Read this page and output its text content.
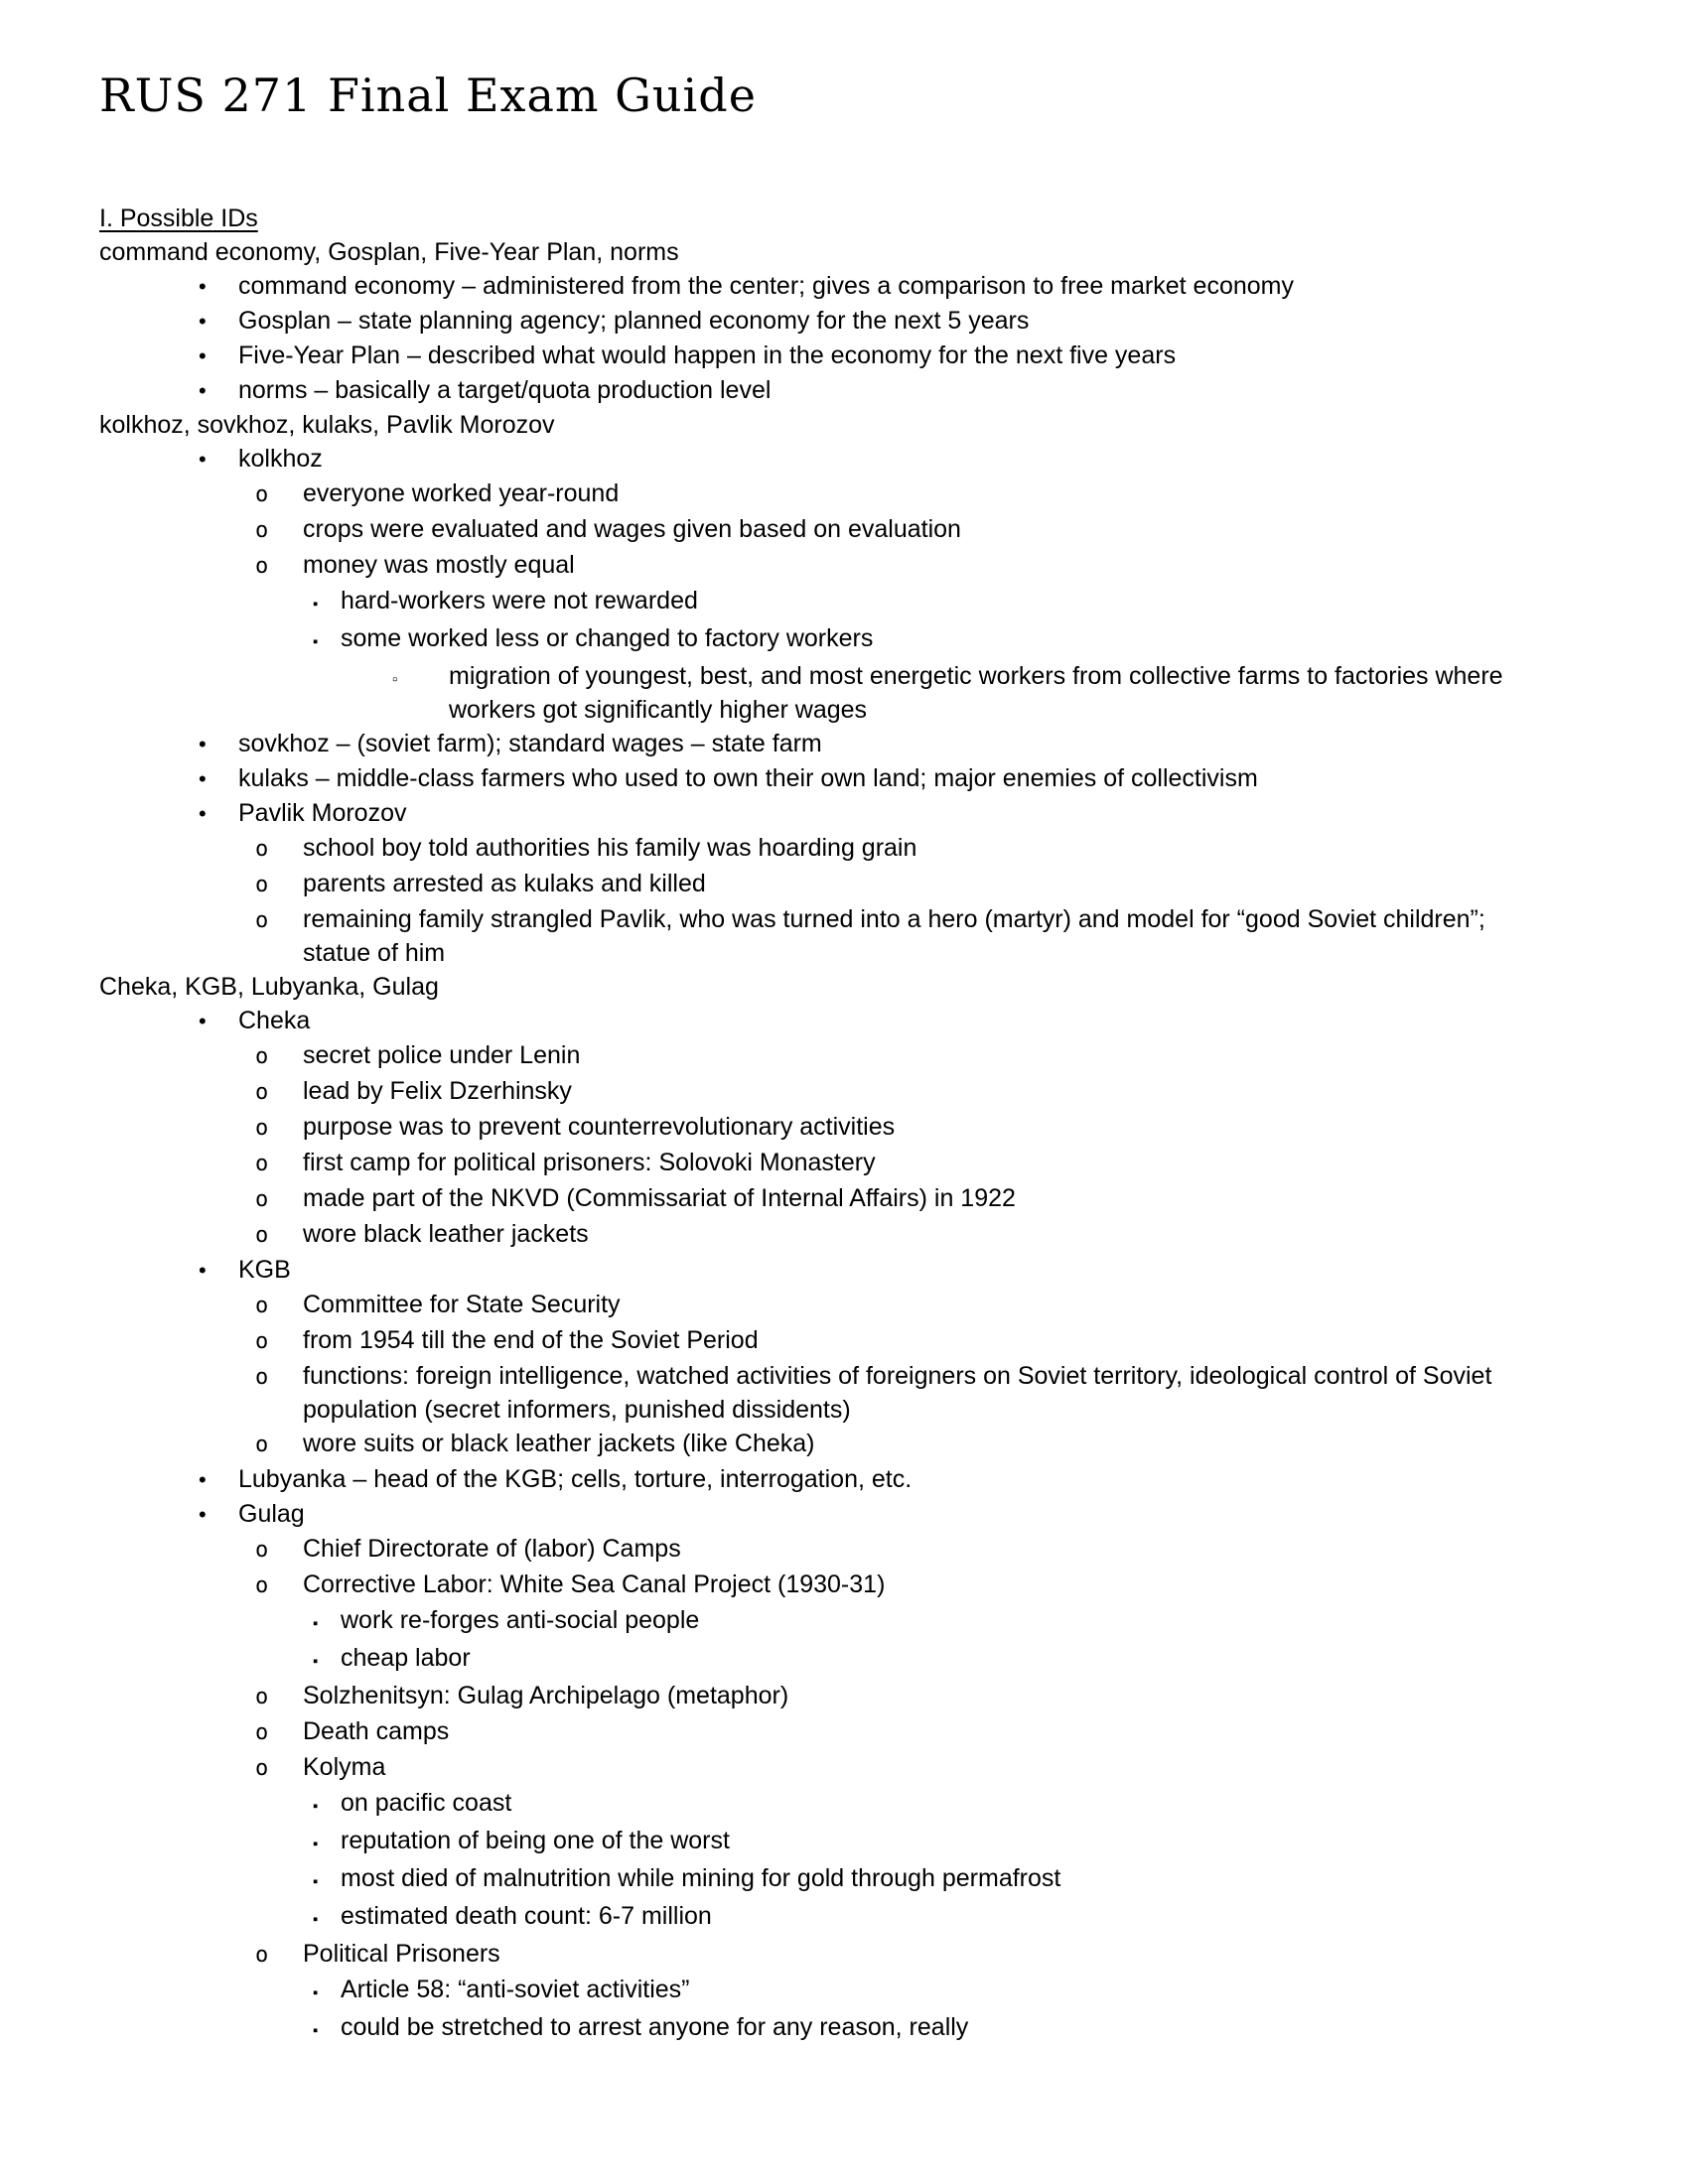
RUS 271 Final Exam Guide
I. Possible IDs
command economy, Gosplan, Five-Year Plan, norms
•	command economy – administered from the center; gives a comparison to free market economy
•	Gosplan – state planning agency; planned economy for the next 5 years
•	Five-Year Plan – described what would happen in the economy for the next five years
•	norms – basically a target/quota production level
kolkhoz, sovkhoz, kulaks, Pavlik Morozov
•	kolkhoz
o	everyone worked year-round
o	crops were evaluated and wages given based on evaluation
o	money was mostly equal
▪ hard-workers were not rewarded
▪ some worked less or changed to factory workers
▫	migration of youngest, best, and most energetic workers from collective farms to factories where workers got significantly higher wages
•	sovkhoz – (soviet farm); standard wages – state farm
•	kulaks – middle-class farmers who used to own their own land; major enemies of collectivism
•	Pavlik Morozov
o	school boy told authorities his family was hoarding grain
o	parents arrested as kulaks and killed
o	remaining family strangled Pavlik, who was turned into a hero (martyr) and model for “good Soviet children”; statue of him
Cheka, KGB, Lubyanka, Gulag
•	Cheka
o	secret police under Lenin
o	lead by Felix Dzerhinsky
o	purpose was to prevent counterrevolutionary activities
o	first camp for political prisoners: Solovoki Monastery
o	made part of the NKVD (Commissariat of Internal Affairs) in 1922
o	wore black leather jackets
•	KGB
o	Committee for State Security
o	from 1954 till the end of the Soviet Period
o	functions: foreign intelligence, watched activities of foreigners on Soviet territory, ideological control of Soviet population (secret informers, punished dissidents)
o	wore suits or black leather jackets (like Cheka)
•	Lubyanka – head of the KGB; cells, torture, interrogation, etc.
•	Gulag
o	Chief Directorate of (labor) Camps
o	Corrective Labor: White Sea Canal Project (1930-31)
▪ work re-forges anti-social people
▪ cheap labor
o	Solzhenitsyn: Gulag Archipelago (metaphor)
o	Death camps
o	Kolyma
▪ on pacific coast
▪ reputation of being one of the worst
▪ most died of malnutrition while mining for gold through permafrost
▪ estimated death count: 6-7 million
o	Political Prisoners
▪ Article 58: “anti-soviet activities”
▪ could be stretched to arrest anyone for any reason, really
